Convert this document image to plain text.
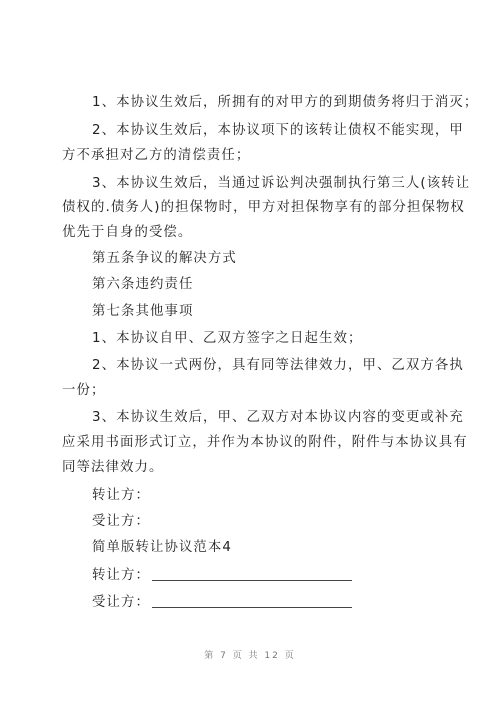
1、本协议生效后，所拥有的对甲方的到期债务将归于消灭；
2、本协议生效后，本协议项下的该转让债权不能实现，甲
方不承担对乙方的清偿责任；
3、本协议生效后，当通过诉讼判决强制执行第三人(该转让
债权的.债务人)的担保物时，甲方对担保物享有的部分担保物权
优先于自身的受偿。
第五条争议的解决方式
第六条违约责任
第七条其他事项
1、本协议自甲、乙双方签字之日起生效；
2、本协议一式两份，具有同等法律效力，甲、乙双方各执
一份；
3、本协议生效后，甲、乙双方对本协议内容的变更或补充
应采用书面形式订立，并作为本协议的附件，附件与本协议具有
同等法律效力。
转让方：
受让方：
简单版转让协议范本4
转让方：
受让方：
第 7 页 共 12 页
